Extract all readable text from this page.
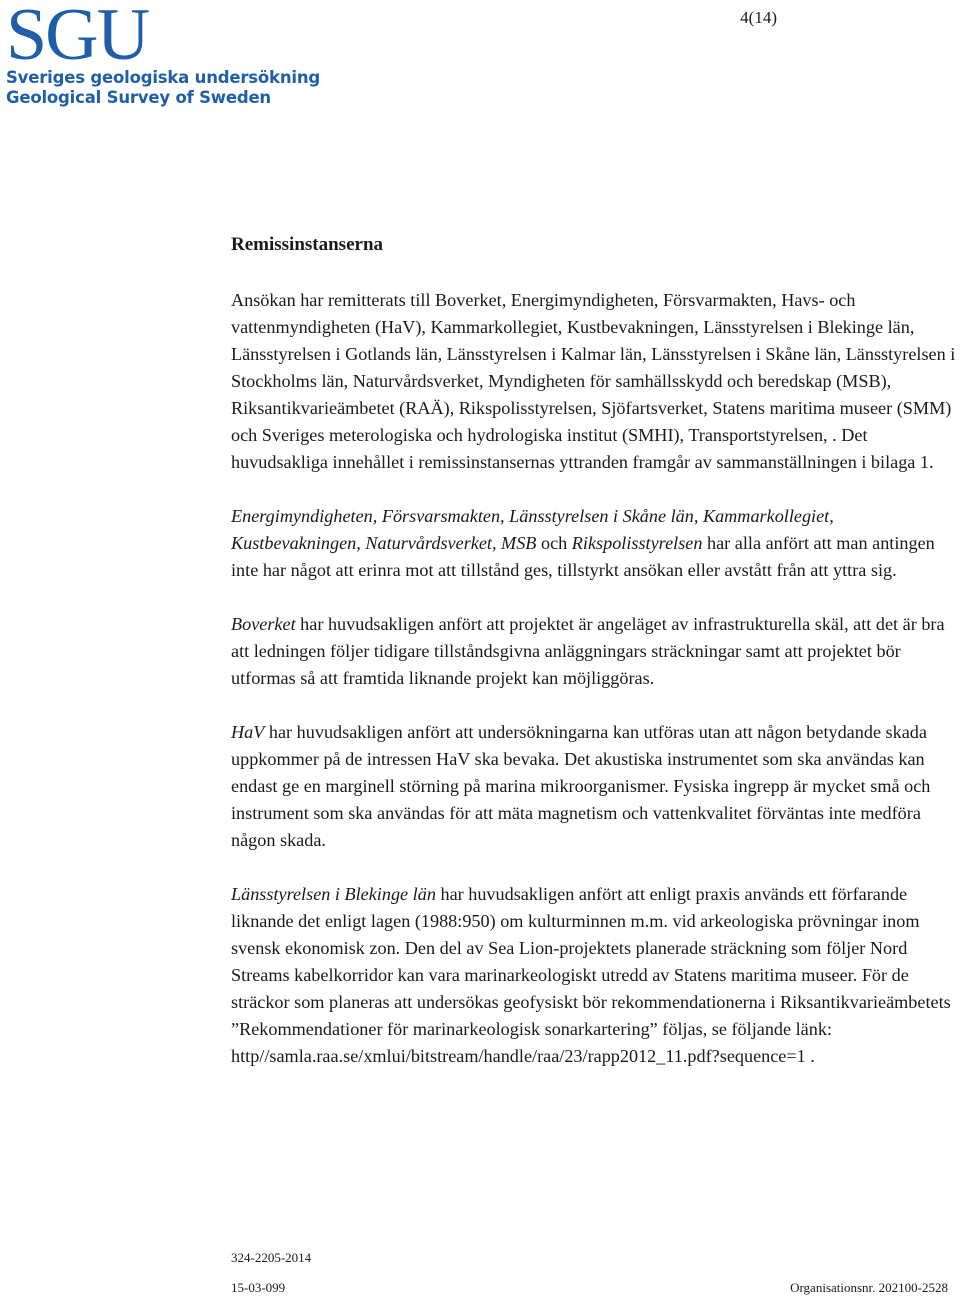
SGU
Sveriges geologiska undersökning
Geological Survey of Sweden
4(14)
Remissinstanserna

Ansökan har remitterats till Boverket, Energimyndigheten, Försvarmakten, Havs- och vattenmyndigheten (HaV), Kammarkollegiet, Kustbevakningen, Länsstyrelsen i Blekinge län, Länsstyrelsen i Gotlands län, Länsstyrelsen i Kalmar län, Länsstyrelsen i Skåne län, Länsstyrelsen i Stockholms län, Naturvårdsverket, Myndigheten för samhällsskydd och beredskap (MSB), Riksantikvarieämbetet (RAÄ), Rikspolisstyrelsen, Sjöfartsverket, Statens maritima museer (SMM) och Sveriges meterologiska och hydrologiska institut (SMHI), Transportstyrelsen, . Det huvudsakliga innehållet i remissinstansernas yttranden framgår av sammanställningen i bilaga 1.

Energimyndigheten, Försvarsmakten, Länsstyrelsen i Skåne län, Kammarkollegiet, Kustbevakningen, Naturvårdsverket, MSB och Rikspolisstyrelsen har alla anfört att man antingen inte har något att erinra mot att tillstånd ges, tillstyrkt ansökan eller avstått från att yttra sig.

Boverket har huvudsakligen anfört att projektet är angeläget av infrastrukturella skäl, att det är bra att ledningen följer tidigare tillståndsgivna anläggningars sträckningar samt att projektet bör utformas så att framtida liknande projekt kan möjliggöras.

HaV har huvudsakligen anfört att undersökningarna kan utföras utan att någon betydande skada uppkommer på de intressen HaV ska bevaka. Det akustiska instrumentet som ska användas kan endast ge en marginell störning på marina mikroorganismer. Fysiska ingrepp är mycket små och instrument som ska användas för att mäta magnetism och vattenkvalitet förväntas inte medföra någon skada.

Länsstyrelsen i Blekinge län har huvudsakligen anfört att enligt praxis används ett förfarande liknande det enligt lagen (1988:950) om kulturminnen m.m. vid arkeologiska prövningar inom svensk ekonomisk zon. Den del av Sea Lion-projektets planerade sträckning som följer Nord Streams kabelkorridor kan vara marinarkeologiskt utredd av Statens maritima museer. För de sträckor som planeras att undersökas geofysiskt bör rekommendationerna i Riksantikvarieämbetets ”Rekommendationer för marinarkeologisk sonarkartering” följas, se följande länk: http//samla.raa.se/xmlui/bitstream/handle/raa/23/rapp2012_11.pdf?sequence=1 .

324-2205-2014
15-03-099	Organisationsnr. 202100-2528
